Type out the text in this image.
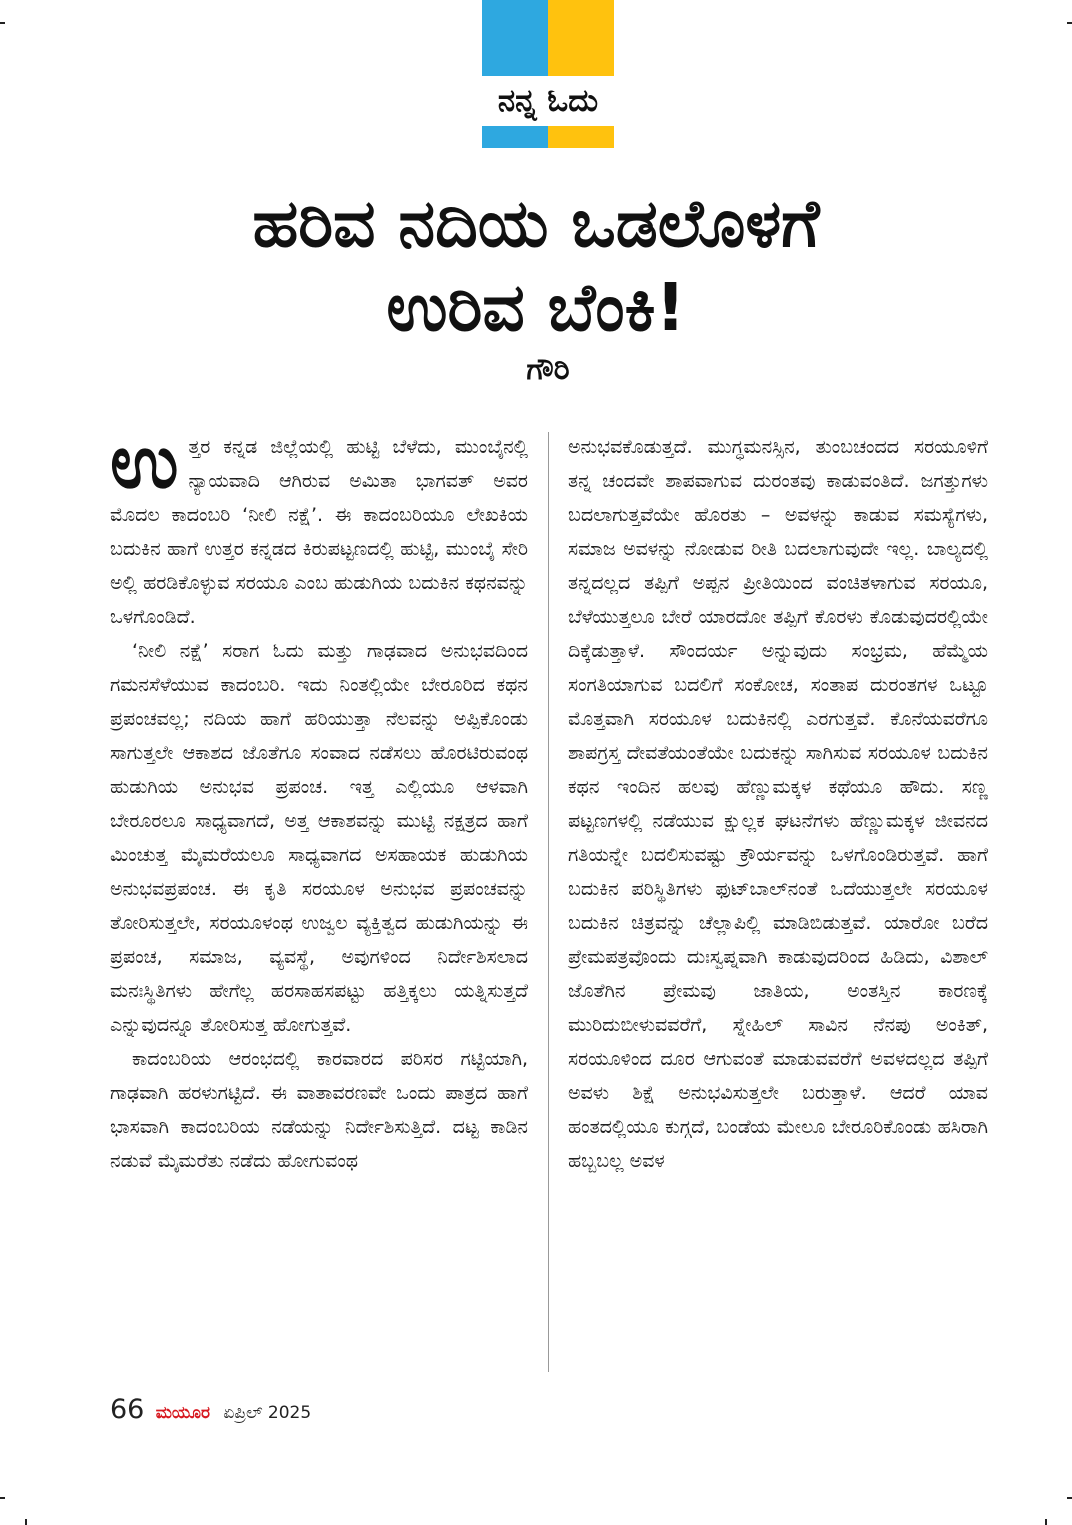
ನನ್ನ ಓದು
ಹರಿವ ನದಿಯ ಒಡಲೊಳಗೆ
ಉರಿವ ಬೆಂಕಿ!
ಗೌರಿ

ಉತ್ತರ ಕನ್ನಡ ಜಿಲ್ಲೆಯಲ್ಲಿ ಹುಟ್ಟಿ ಬೆಳೆದು, ಮುಂಬೈನಲ್ಲಿ ನ್ಯಾಯವಾದಿ ಆಗಿರುವ ಅಮಿತಾ ಭಾಗವತ್ ಅವರ ಮೊದಲ ಕಾದಂಬರಿ ‘ನೀಲಿ ನಕ್ಷೆ’. ಈ ಕಾದಂಬರಿಯೂ ಲೇಖಕಿಯ ಬದುಕಿನ ಹಾಗೆ ಉತ್ತರ ಕನ್ನಡದ ಕಿರುಪಟ್ಟಣದಲ್ಲಿ ಹುಟ್ಟಿ, ಮುಂಬೈ ಸೇರಿ ಅಲ್ಲಿ ಹರಡಿಕೊಳ್ಳುವ ಸರಯೂ ಎಂಬ ಹುಡುಗಿಯ ಬದುಕಿನ ಕಥನವನ್ನು ಒಳಗೊಂಡಿದೆ.

‘ನೀಲಿ ನಕ್ಷೆ’ ಸರಾಗ ಓದು ಮತ್ತು ಗಾಢವಾದ ಅನುಭವದಿಂದ ಗಮನಸೆಳೆಯುವ ಕಾದಂಬರಿ. ಇದು ನಿಂತಲ್ಲಿಯೇ ಬೇರೂರಿದ ಕಥನ ಪ್ರಪಂಚವಲ್ಲ; ನದಿಯ ಹಾಗೆ ಹರಿಯುತ್ತಾ ನೆಲವನ್ನು ಅಪ್ಪಿಕೊಂಡು ಸಾಗುತ್ತಲೇ ಆಕಾಶದ ಜೊತೆಗೂ ಸಂವಾದ ನಡೆಸಲು ಹೊರಟಿರುವಂಥ ಹುಡುಗಿಯ ಅನುಭವ ಪ್ರಪಂಚ. ಇತ್ತ ಎಲ್ಲಿಯೂ ಆಳವಾಗಿ ಬೇರೂರಲೂ ಸಾಧ್ಯವಾಗದೆ, ಅತ್ತ ಆಕಾಶವನ್ನು ಮುಟ್ಟಿ ನಕ್ಷತ್ರದ ಹಾಗೆ ಮಿಂಚುತ್ತ ಮೈಮರೆಯಲೂ ಸಾಧ್ಯವಾಗದ ಅಸಹಾಯಕ ಹುಡುಗಿಯ ಅನುಭವಪ್ರಪಂಚ. ಈ ಕೃತಿ ಸರಯೂಳ ಅನುಭವ ಪ್ರಪಂಚವನ್ನು ತೋರಿಸುತ್ತಲೇ, ಸರಯೂಳಂಥ ಉಜ್ವಲ ವ್ಯಕ್ತಿತ್ವದ ಹುಡುಗಿಯನ್ನು ಈ ಪ್ರಪಂಚ, ಸಮಾಜ, ವ್ಯವಸ್ಥೆ, ಅವುಗಳಿಂದ ನಿರ್ದೇಶಿಸಲಾದ ಮನಃಸ್ಥಿತಿಗಳು ಹೇಗೆಲ್ಲ ಹರಸಾಹಸಪಟ್ಟು ಹತ್ತಿಕ್ಕಲು ಯತ್ನಿಸುತ್ತದೆ ಎನ್ನುವುದನ್ನೂ ತೋರಿಸುತ್ತ ಹೋಗುತ್ತವೆ.

ಕಾದಂಬರಿಯ ಆರಂಭದಲ್ಲಿ ಕಾರವಾರದ ಪರಿಸರ ಗಟ್ಟಿಯಾಗಿ, ಗಾಢವಾಗಿ ಹರಳುಗಟ್ಟಿದೆ. ಈ ವಾತಾವರಣವೇ ಒಂದು ಪಾತ್ರದ ಹಾಗೆ ಭಾಸವಾಗಿ ಕಾದಂಬರಿಯ ನಡೆಯನ್ನು ನಿರ್ದೇಶಿಸುತ್ತಿದೆ. ದಟ್ಟ ಕಾಡಿನ ನಡುವೆ ಮೈಮರೆತು ನಡೆದು ಹೋಗುವಂಥ

ಅನುಭವಕೊಡುತ್ತದೆ. ಮುಗ್ಧಮನಸ್ಸಿನ, ತುಂಬಚಂದದ ಸರಯೂಳಿಗೆ ತನ್ನ ಚಂದವೇ ಶಾಪವಾಗುವ ದುರಂತವು ಕಾಡುವಂತಿದೆ. ಜಗತ್ತುಗಳು ಬದಲಾಗುತ್ತವೆಯೇ ಹೊರತು – ಅವಳನ್ನು ಕಾಡುವ ಸಮಸ್ಯೆಗಳು, ಸಮಾಜ ಅವಳನ್ನು ನೋಡುವ ರೀತಿ ಬದಲಾಗುವುದೇ ಇಲ್ಲ. ಬಾಲ್ಯದಲ್ಲಿ ತನ್ನದಲ್ಲದ ತಪ್ಪಿಗೆ ಅಪ್ಪನ ಪ್ರೀತಿಯಿಂದ ವಂಚಿತಳಾಗುವ ಸರಯೂ, ಬೆಳೆಯುತ್ತಲೂ ಬೇರೆ ಯಾರದೋ ತಪ್ಪಿಗೆ ಕೊರಳು ಕೊಡುವುದರಲ್ಲಿಯೇ ದಿಕ್ಕೆಡುತ್ತಾಳೆ. ಸೌಂದರ್ಯ ಅನ್ನುವುದು ಸಂಭ್ರಮ, ಹೆಮ್ಮೆಯ ಸಂಗತಿಯಾಗುವ ಬದಲಿಗೆ ಸಂಕೋಚ, ಸಂತಾಪ ದುರಂತಗಳ ಒಟ್ಟೂ ಮೊತ್ತವಾಗಿ ಸರಯೂಳ ಬದುಕಿನಲ್ಲಿ ಎರಗುತ್ತವೆ. ಕೊನೆಯವರೆಗೂ ಶಾಪಗ್ರಸ್ತ ದೇವತೆಯಂತೆಯೇ ಬದುಕನ್ನು ಸಾಗಿಸುವ ಸರಯೂಳ ಬದುಕಿನ ಕಥನ ಇಂದಿನ ಹಲವು ಹೆಣ್ಣುಮಕ್ಕಳ ಕಥೆಯೂ ಹೌದು. ಸಣ್ಣ ಪಟ್ಟಣಗಳಲ್ಲಿ ನಡೆಯುವ ಕ್ಷುಲ್ಲಕ ಘಟನೆಗಳು ಹೆಣ್ಣುಮಕ್ಕಳ ಜೀವನದ ಗತಿಯನ್ನೇ ಬದಲಿಸುವಷ್ಟು ಕ್ರೌರ್ಯವನ್ನು ಒಳಗೊಂಡಿರುತ್ತವೆ. ಹಾಗೆ ಬದುಕಿನ ಪರಿಸ್ಥಿತಿಗಳು ಫುಟ್‌ಬಾಲ್‌ನಂತೆ ಒದೆಯುತ್ತಲೇ ಸರಯೂಳ ಬದುಕಿನ ಚಿತ್ರವನ್ನು ಚೆಲ್ಲಾಪಿಲ್ಲಿ ಮಾಡಿಬಿಡುತ್ತವೆ. ಯಾರೋ ಬರೆದ ಪ್ರೇಮಪತ್ರವೊಂದು ದುಃಸ್ವಪ್ನವಾಗಿ ಕಾಡುವುದರಿಂದ ಹಿಡಿದು, ವಿಶಾಲ್ ಜೊತೆಗಿನ ಪ್ರೇಮವು ಜಾತಿಯ, ಅಂತಸ್ತಿನ ಕಾರಣಕ್ಕೆ ಮುರಿದುಬೀಳುವವರೆಗೆ, ಸ್ನೇಹಿಲ್ ಸಾವಿನ ನೆನಪು ಅಂಕಿತ್, ಸರಯೂಳಿಂದ ದೂರ ಆಗುವಂತೆ ಮಾಡುವವರೆಗೆ ಅವಳದಲ್ಲದ ತಪ್ಪಿಗೆ ಅವಳು ಶಿಕ್ಷೆ ಅನುಭವಿಸುತ್ತಲೇ ಬರುತ್ತಾಳೆ. ಆದರೆ ಯಾವ ಹಂತದಲ್ಲಿಯೂ ಕುಗ್ಗದೆ, ಬಂಡೆಯ ಮೇಲೂ ಬೇರೂರಿಕೊಂಡು ಹಸಿರಾಗಿ ಹಬ್ಬಬಲ್ಲ ಅವಳ

66 ಮಯೂರ ಏಪ್ರಿಲ್ 2025
